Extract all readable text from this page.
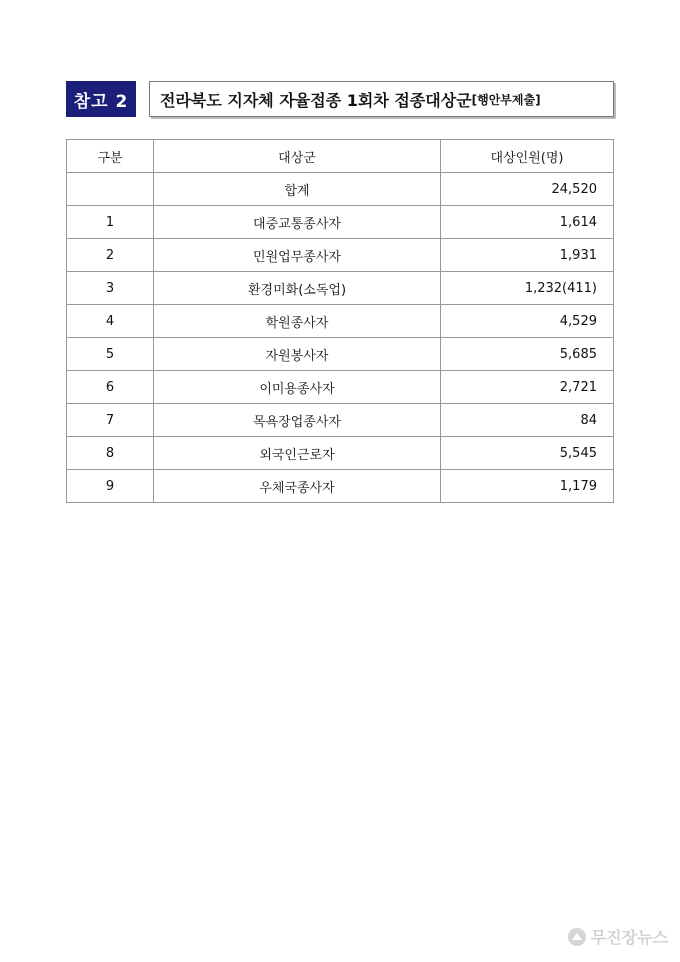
참고 2	전라북도 지자체 자율접종 1회차 접종대상군 [행안부제출]
구분	대상군	대상인원(명)
	합계	24,520
1	대중교통종사자	1,614
2	민원업무종사자	1,931
3	환경미화(소독업)	1,232(411)
4	학원종사자	4,529
5	자원봉사자	5,685
6	이미용종사자	2,721
7	목욕장업종사자	84
8	외국인근로자	5,545
9	우체국종사자	1,179
무진장뉴스
